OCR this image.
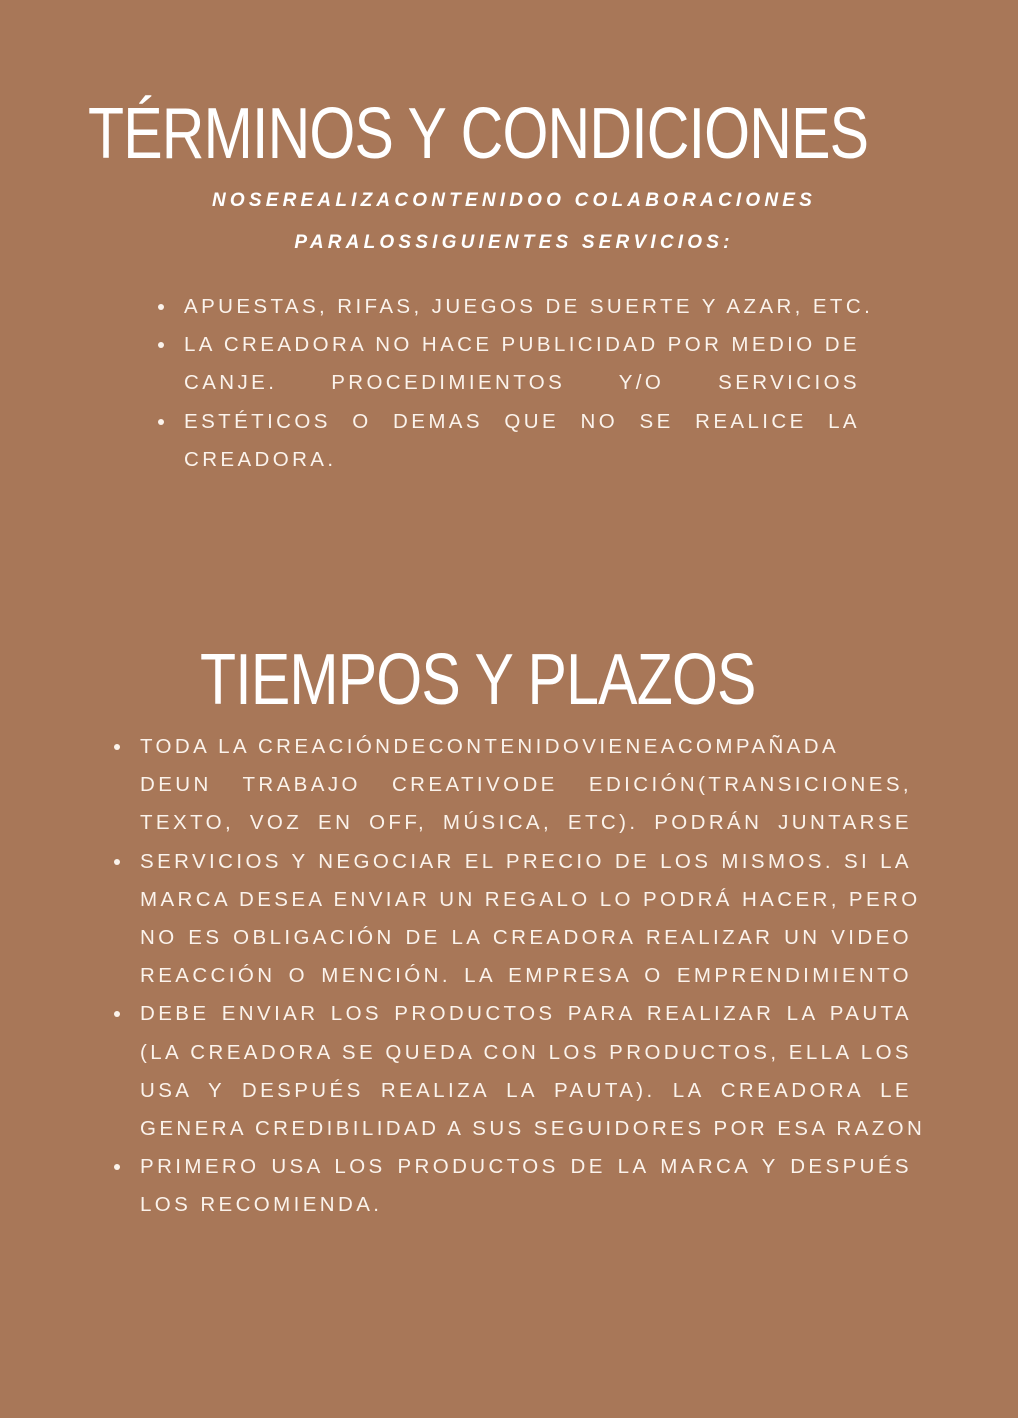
TÉRMINOS Y CONDICIONES

NOSEREALIZACONTENIDOO COLABORACIONES
PARALOSSIGUIENTES SERVICIOS:

APUESTAS, RIFAS, JUEGOS DE SUERTE Y AZAR, ETC.
LA CREADORA NO HACE PUBLICIDAD POR MEDIO DE
CANJE. PROCEDIMIENTOS Y/O SERVICIOS
ESTÉTICOS O DEMAS QUE NO SE REALICE LA
CREADORA.
TIEMPOS Y PLAZOS
TODA LA CREACIÓNDECONTENIDOVIENEACOMPAÑADA
DEUN TRABAJO CREATIVODE EDICIÓN(TRANSICIONES,
TEXTO, VOZ EN OFF, MÚSICA, ETC). PODRÁN JUNTARSE
SERVICIOS Y NEGOCIAR EL PRECIO DE LOS MISMOS. SI LA
MARCA DESEA ENVIAR UN REGALO LO PODRÁ HACER, PERO
NO ES OBLIGACIÓN DE LA CREADORA REALIZAR UN VIDEO
REACCIÓN O MENCIÓN. LA EMPRESA O EMPRENDIMIENTO
DEBE ENVIAR LOS PRODUCTOS PARA REALIZAR LA PAUTA
(LA CREADORA SE QUEDA CON LOS PRODUCTOS, ELLA LOS
USA Y DESPUÉS REALIZA LA PAUTA). LA CREADORA LE
GENERA CREDIBILIDAD A SUS SEGUIDORES POR ESA RAZON
PRIMERO USA LOS PRODUCTOS DE LA MARCA Y DESPUÉS
LOS RECOMIENDA.
